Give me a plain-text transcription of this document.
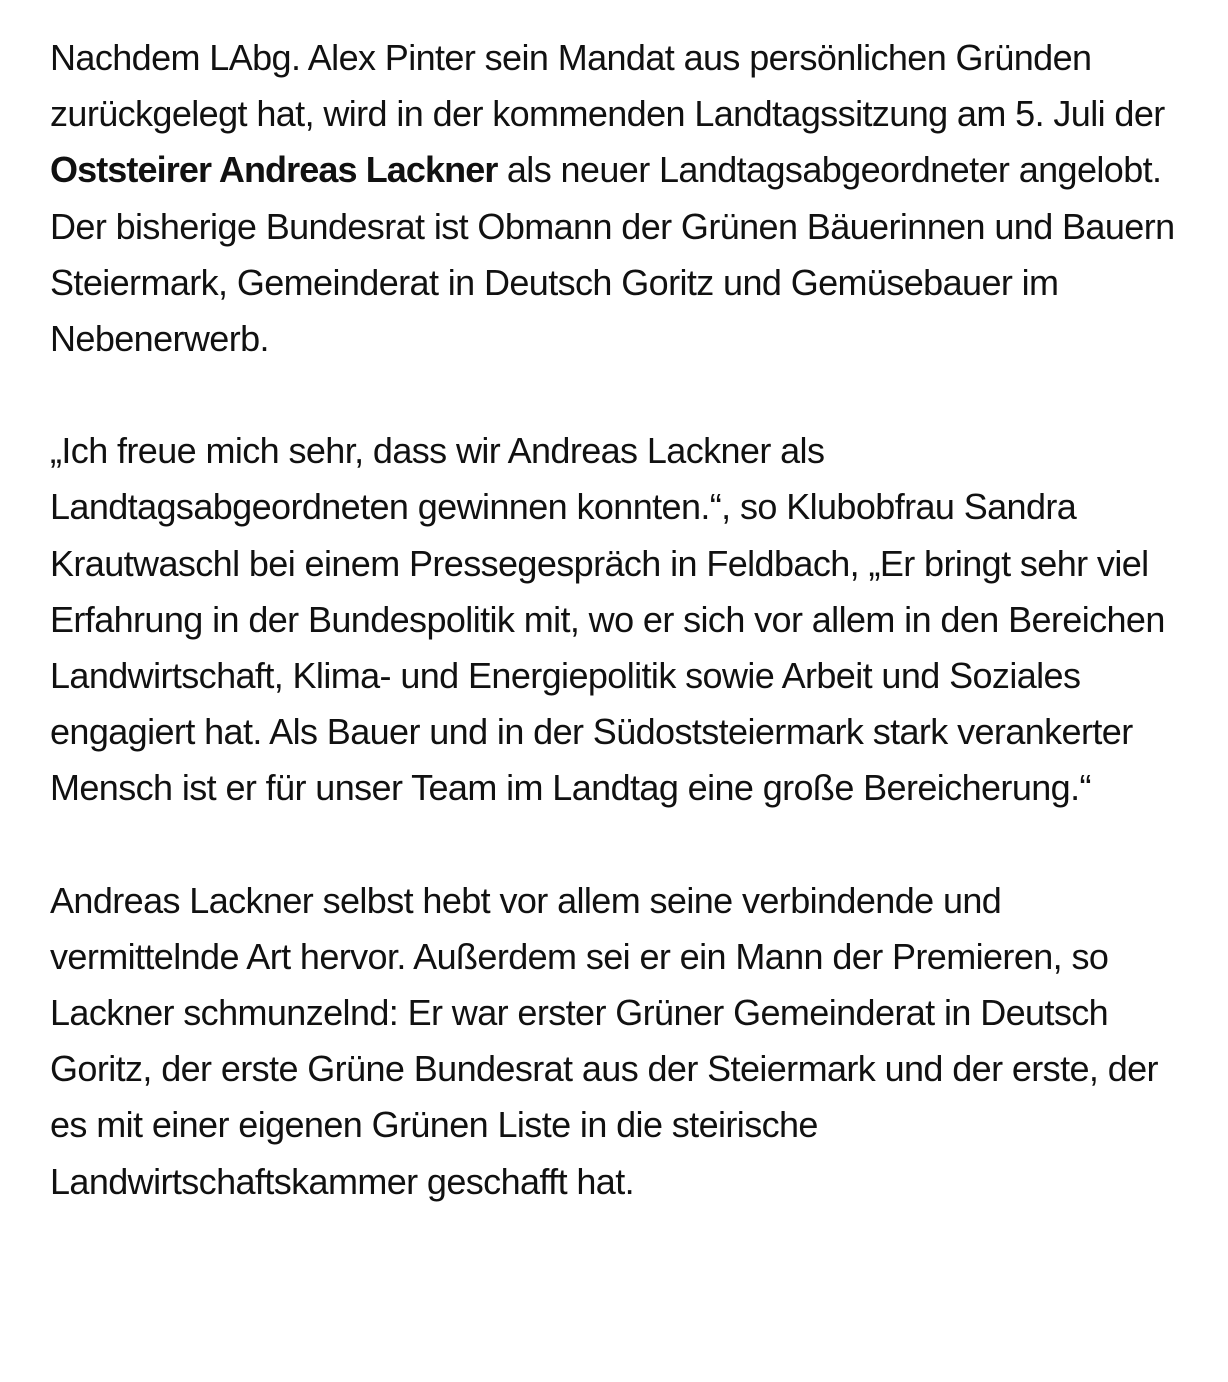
Nachdem LAbg. Alex Pinter sein Mandat aus persönlichen Gründen zurückgelegt hat, wird in der kommenden Landtagssitzung am 5. Juli der Oststeirer Andreas Lackner als neuer Landtagsabgeordneter angelobt. Der bisherige Bundesrat ist Obmann der Grünen Bäuerinnen und Bauern Steiermark, Gemeinderat in Deutsch Goritz und Gemüsebauer im Nebenerwerb.

„Ich freue mich sehr, dass wir Andreas Lackner als Landtagsabgeordneten gewinnen konnten.“, so Klubobfrau Sandra Krautwaschl bei einem Pressegespräch in Feldbach, „Er bringt sehr viel Erfahrung in der Bundespolitik mit, wo er sich vor allem in den Bereichen Landwirtschaft, Klima- und Energiepolitik sowie Arbeit und Soziales engagiert hat. Als Bauer und in der Südoststeiermark stark verankerter Mensch ist er für unser Team im Landtag eine große Bereicherung.“

Andreas Lackner selbst hebt vor allem seine verbindende und vermittelnde Art hervor. Außerdem sei er ein Mann der Premieren, so Lackner schmunzelnd: Er war erster Grüner Gemeinderat in Deutsch Goritz, der erste Grüne Bundesrat aus der Steiermark und der erste, der es mit einer eigenen Grünen Liste in die steirische Landwirtschaftskammer geschafft hat.
